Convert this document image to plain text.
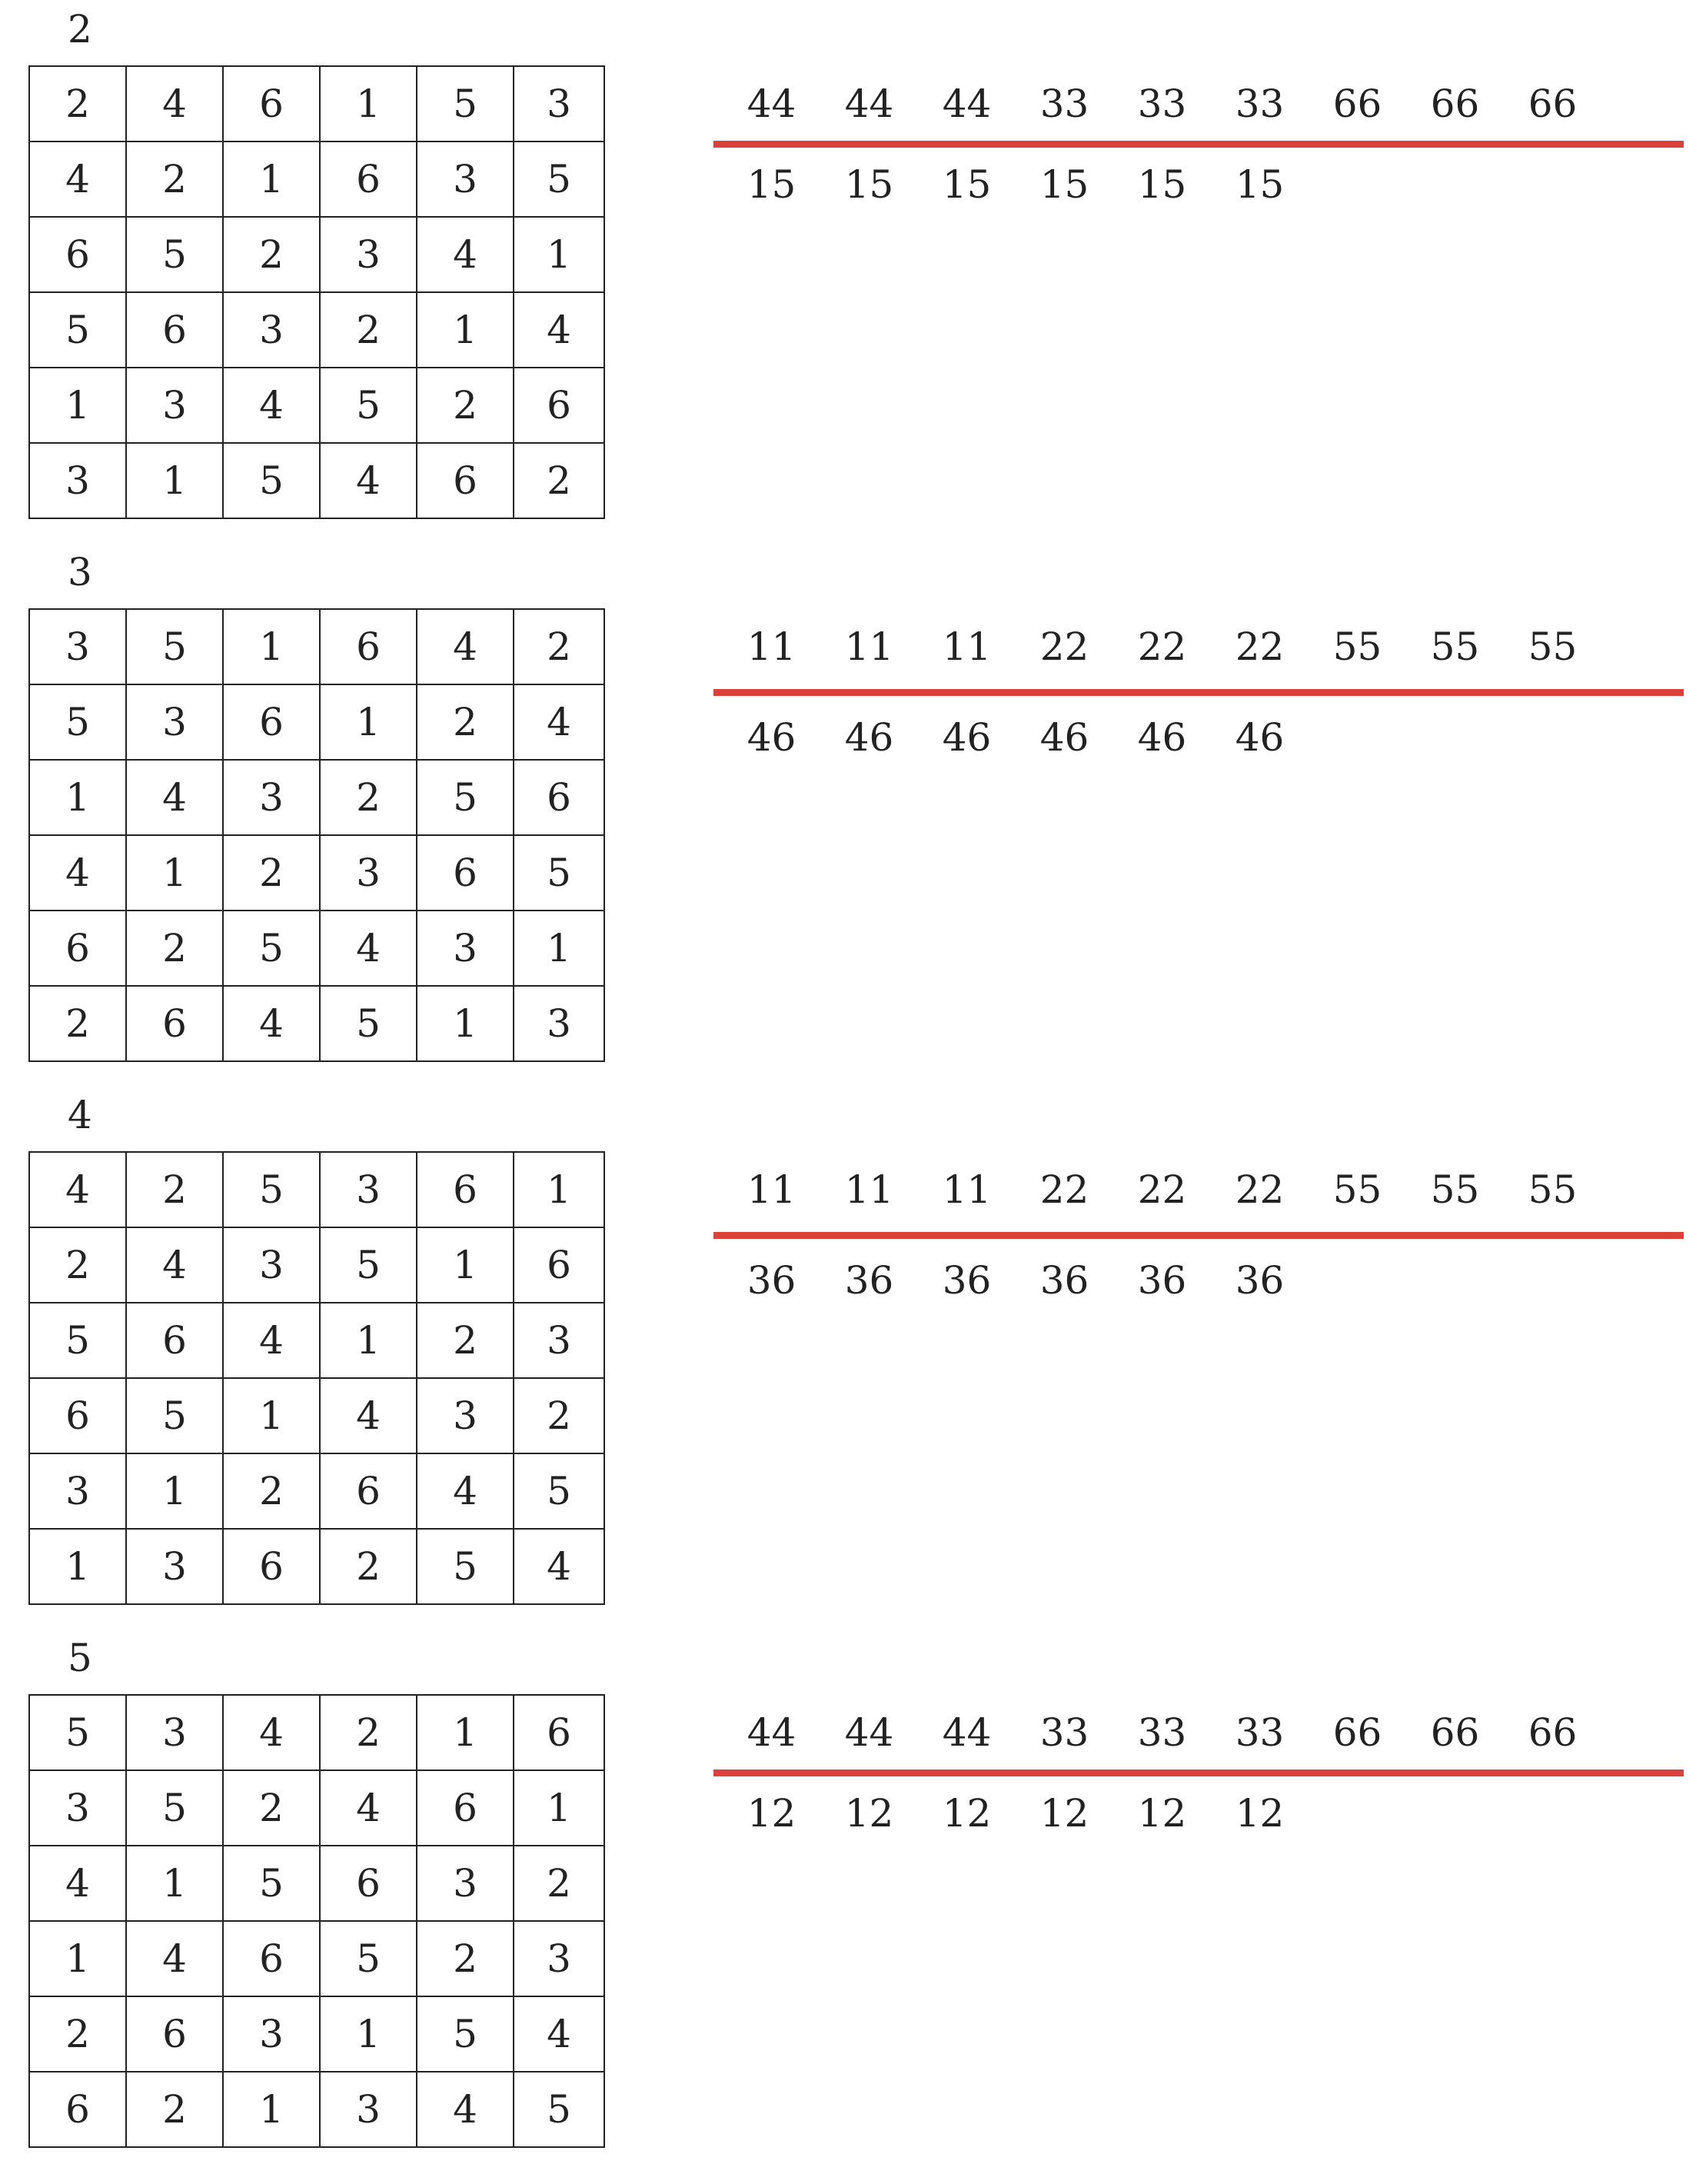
2
2	4	6	1	5	3
4	2	1	6	3	5
6	5	2	3	4	1
5	6	3	2	1	4
1	3	4	5	2	6
3	1	5	4	6	2
44	44	44	33	33	33	66	66	66
15	15	15	15	15	15
3
3	5	1	6	4	2
5	3	6	1	2	4
1	4	3	2	5	6
4	1	2	3	6	5
6	2	5	4	3	1
2	6	4	5	1	3
11	11	11	22	22	22	55	55	55
46	46	46	46	46	46
4
4	2	5	3	6	1
2	4	3	5	1	6
5	6	4	1	2	3
6	5	1	4	3	2
3	1	2	6	4	5
1	3	6	2	5	4
11	11	11	22	22	22	55	55	55
36	36	36	36	36	36
5
5	3	4	2	1	6
3	5	2	4	6	1
4	1	5	6	3	2
1	4	6	5	2	3
2	6	3	1	5	4
6	2	1	3	4	5
44	44	44	33	33	33	66	66	66
12	12	12	12	12	12
